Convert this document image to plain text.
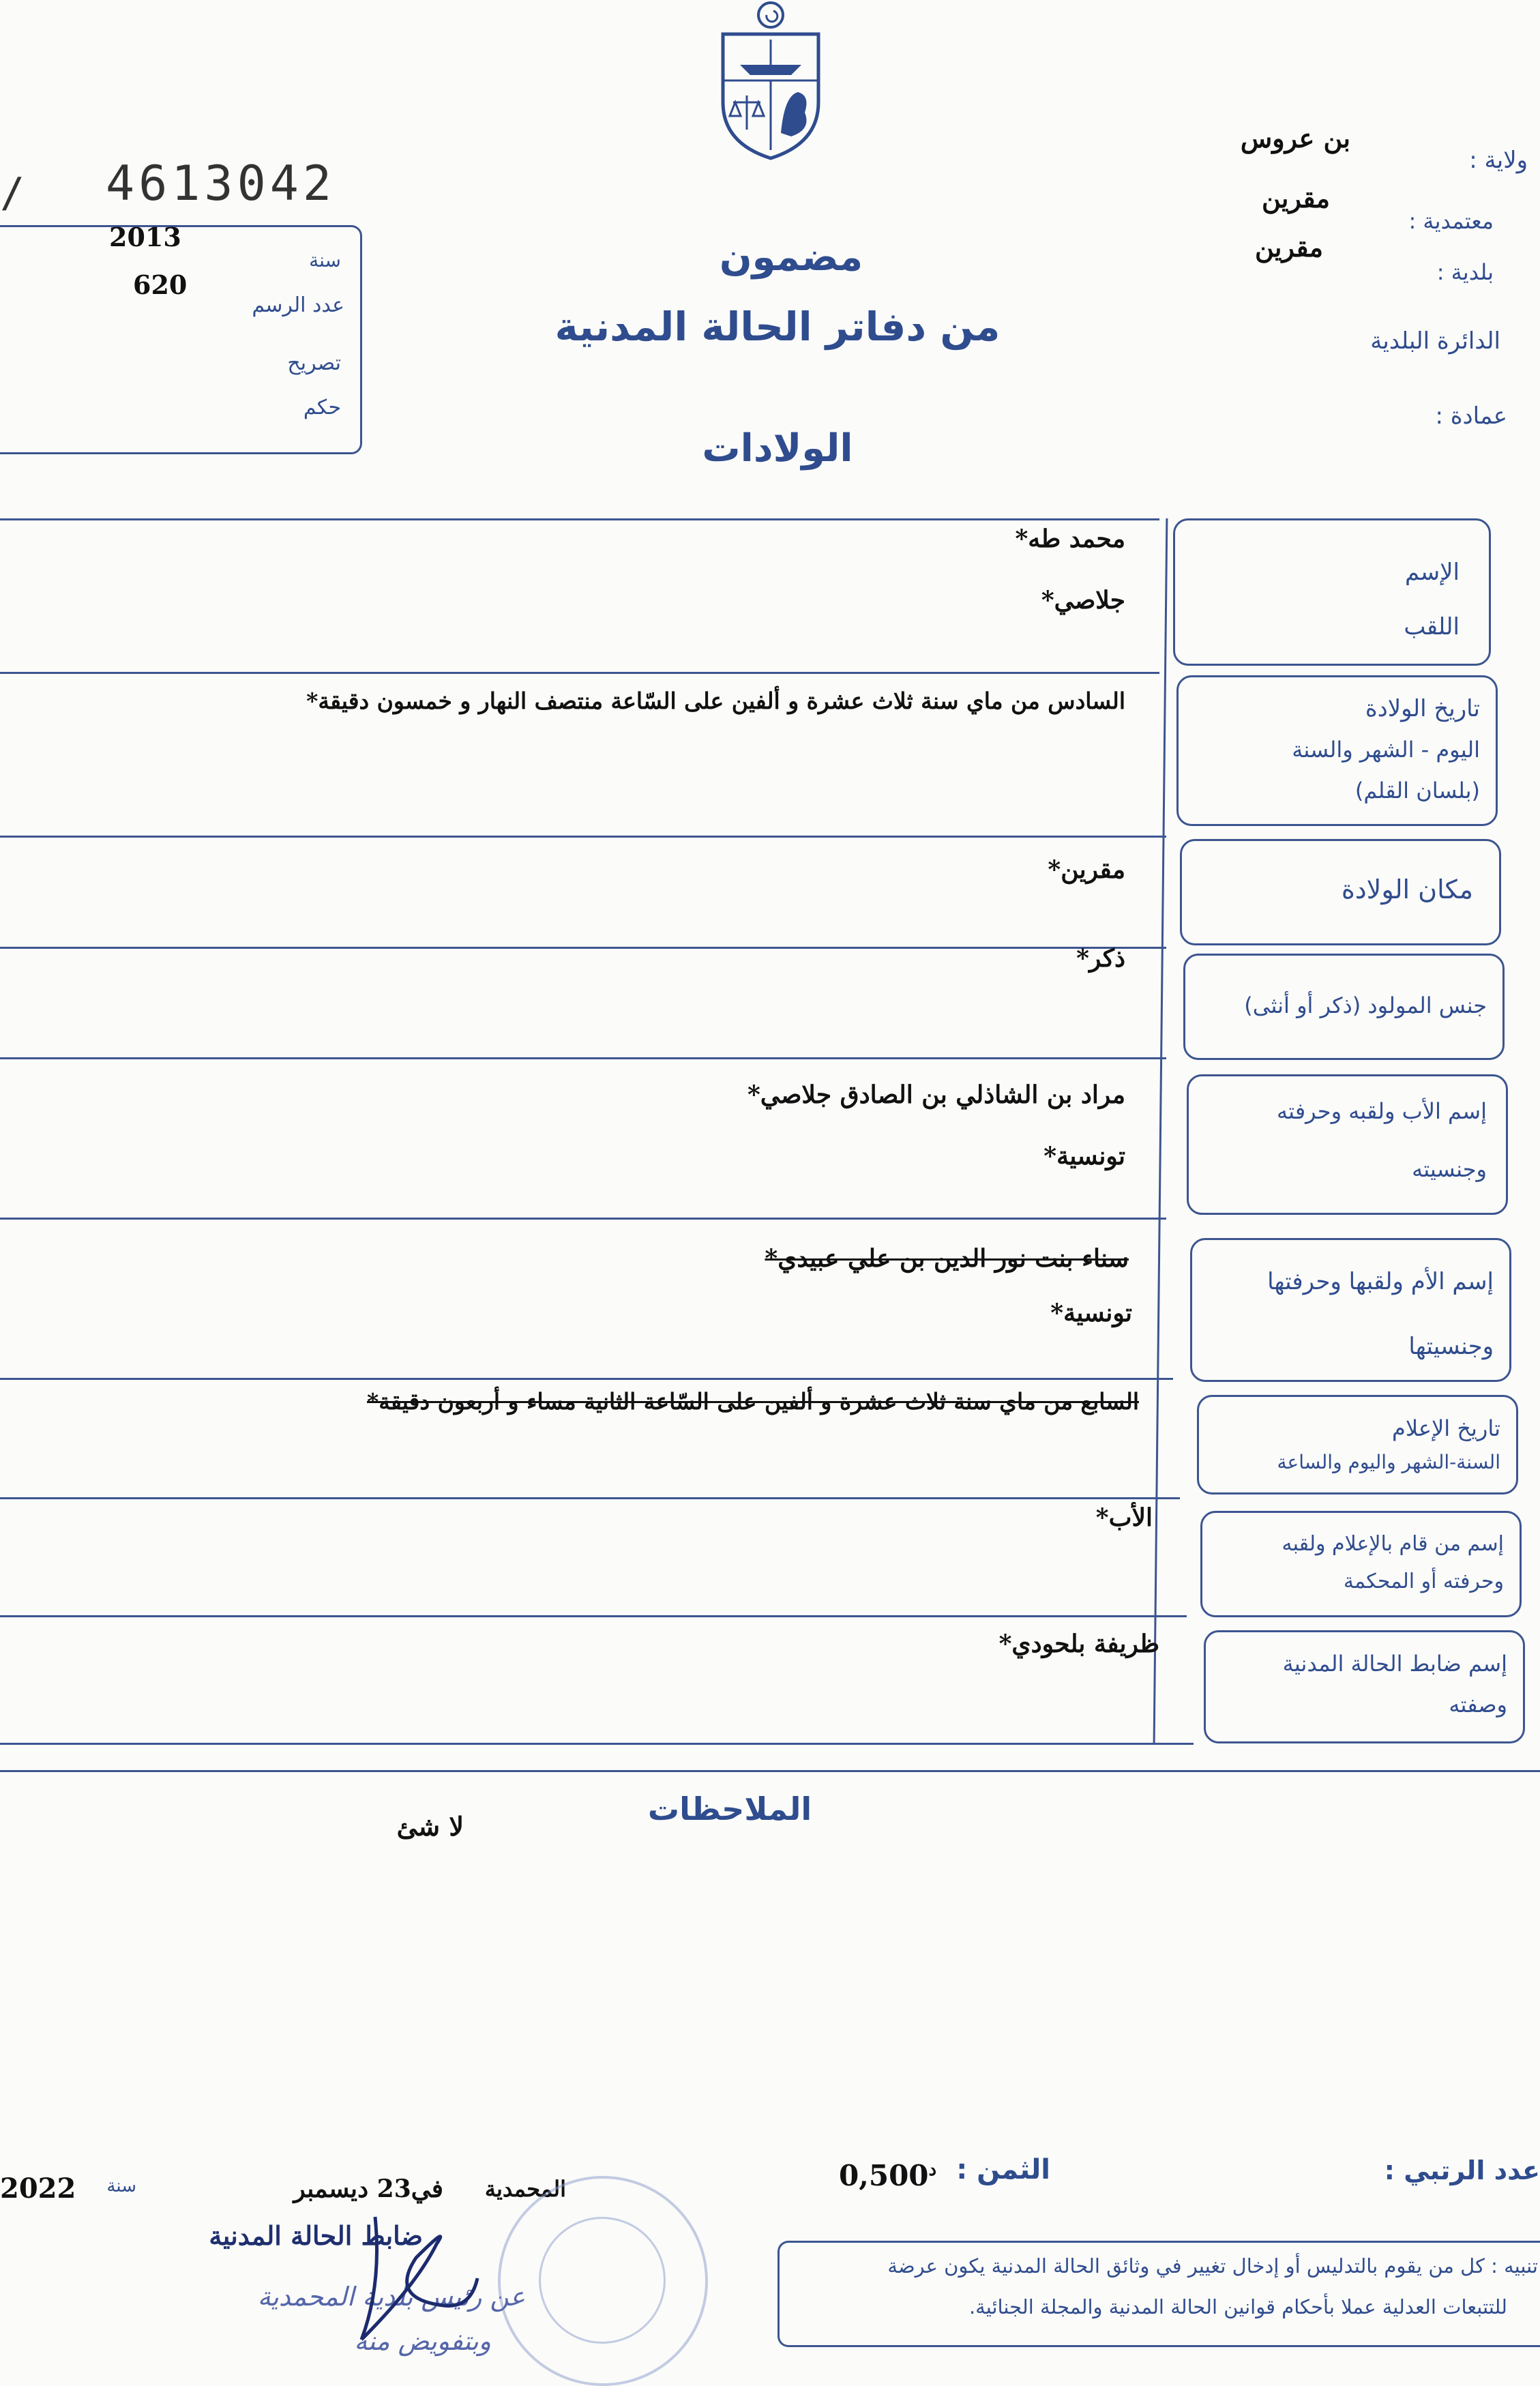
بن عروس
ولاية :
مقرين
معتمدية :
مقرين
بلدية :
الدائرة البلدية
عمادة :
/ 4613042
2013
620
سنة
عدد الرسم
تصريح
حكم
مضمون
من دفاتر الحالة المدنية
الولادات
الإسم
اللقب
تاريخ الولادة
اليوم - الشهر والسنة
(بلسان القلم)
مكان الولادة
جنس المولود (ذكر أو أنثى)
إسم الأب ولقبه وحرفته
وجنسيته
إسم الأم ولقبها وحرفتها
وجنسيتها
تاريخ الإعلام
السنة-الشهر واليوم والساعة
إسم من قام بالإعلام ولقبه
وحرفته أو المحكمة
إسم ضابط الحالة المدنية
وصفته
محمد طه*
جلاصي*
السادس من ماي سنة ثلاث عشرة و ألفين على السّاعة منتصف النهار و خمسون دقيقة*
مقرين*
ذكر*
مراد بن الشاذلي بن الصادق جلاصي*
تونسية*
سناء بنت نور الدين بن علي عبيدي*
تونسية*
السابع من ماي سنة ثلاث عشرة و ألفين على السّاعة الثانية مساء و أربعون دقيقة*
الأب*
ظريفة بلحودي*
الملاحظات
لا شئ
عدد الرتبي :
الثمن :
$0,500^د$
المحمدية
في23 ديسمبر
سنة
2022
ضابط الحالة المدنية
عن رئيس بلدية المحمدية
وبتفويض منه
تنبيه : كل من يقوم بالتدليس أو إدخال تغيير في وثائق الحالة المدنية يكون عرضة
للتتبعات العدلية عملا بأحكام قوانين الحالة المدنية والمجلة الجنائية.
